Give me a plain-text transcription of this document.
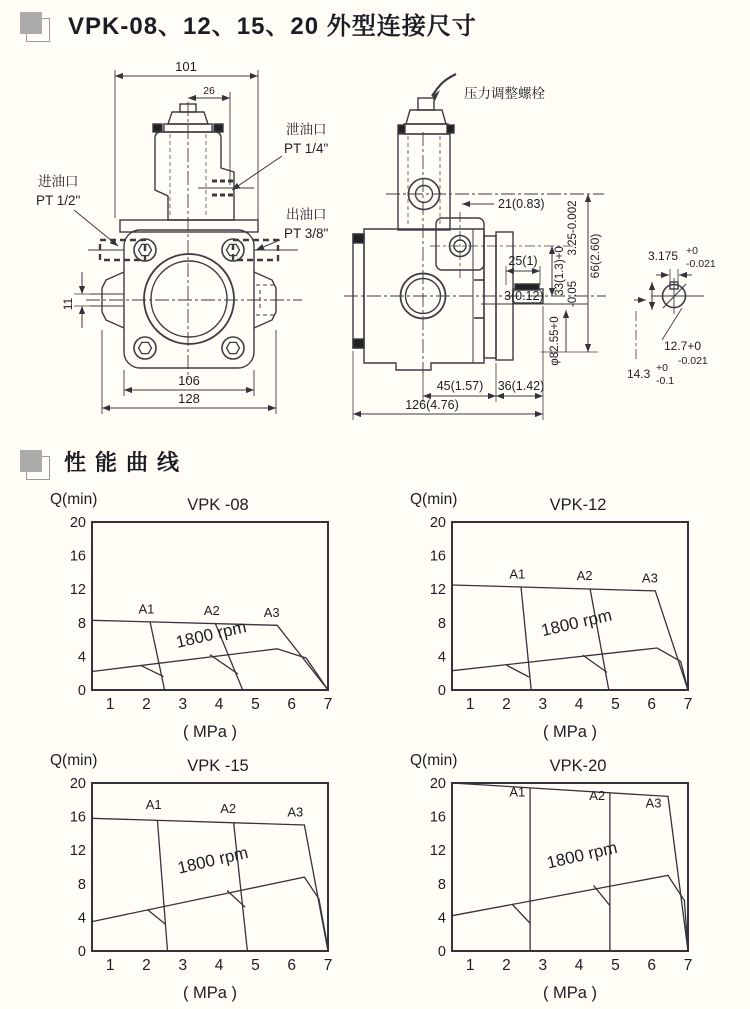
VPK-08、12、15、20 外型连接尺寸
101
26
11
106
128
进油口
PT 1/2"
泄油口
PT 1/4"
出油口
PT 3/8"
压力调整螺栓
21(0.83)
25(1)
3(0.12)
33(1.3)+0 -0.05
3.25-0.002
66(2.60)
φ82.55+0
45(1.57) 36(1.42)
126(4.76)
3.175 +0
-0.021
12.7+0
-0.021
14.3 +0
-0.1
性能曲线
VPK -08
Q(min)
0
4
8
12
16
20
1 2 3 4 5 6 7
( MPa )
1800 rpm
A1	A2	A3
VPK-12
Q(min)
0
4
8
12
16
20
1 2 3 4 5 6 7
( MPa )
1800 rpm
A1	A2	A3
VPK -15
Q(min)
0
4
8
12
16
20
1 2 3 4 5 6 7
( MPa )
1800 rpm
A1	A2	A3
VPK-20
Q(min)
0
4
8
12
16
20
1 2 3 4 5 6 7
( MPa )
1800 rpm
A1	A2
A3
